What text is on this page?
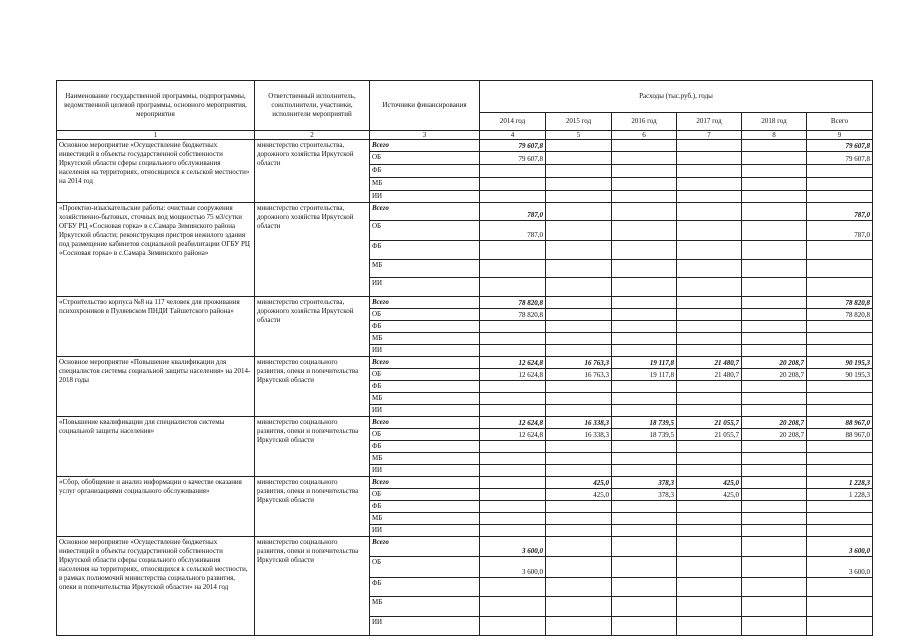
Наименование государственной программы, подпрограммы, ведомственной целевой программы, основного мероприятия, мероприятия	Ответственный исполнитель, соисполнители, участники, исполнители мероприятий	Источники финансирования	Расходы (тыс.руб.), годы					
			2014 год	2015 год	2016 год	2017 год	2018 год	Всего
1	2	3	4	5	6	7	8	9
Основное мероприятие «Осуществление бюджетных инвестиций в объекты государственной собственности Иркутской области сферы социального обслуживания населения на территориях, относящихся к сельской местности» на 2014 год	министерство строительства, дорожного хозяйства Иркутской области	Всего	79 607,8					79 607,8
		ОБ	79 607,8					79 607,8
		ФБ						
		МБ						
		ИИ						
«Проектно-изыскательские работы: очистные сооружения хозяйственно-бытовых, сточных вод мощностью 75 м3/сутки ОГБУ РЦ «Сосновая горка» в с.Самара Зиминского района Иркутской области; реконструкция пристроя нежилого здания под размещение кабинетов социальной реабилитации ОГБУ РЦ «Сосновая горка» в с.Самара Зиминского района»	министерство строительства, дорожного хозяйства Иркутской области	Всего	787,0					787,0
		ОБ	787,0					787,0
		ФБ						
		МБ						
		ИИ						
«Строительство корпуса №8 на 117 человек для проживания психохроников в Пуляевском ПНДИ Тайшетского района»	министерство строительства, дорожного хозяйства Иркутской области	Всего	78 820,8					78 820,8
		ОБ	78 820,8					78 820,8
		ФБ						
		МБ						
		ИИ						
Основное мероприятие «Повышение квалификации для специалистов системы социальной защиты населения» на 2014-2018 годы	министерство социального развития, опеки и попечительства Иркутской области	Всего	12 624,8	16 763,3	19 117,8	21 480,7	20 208,7	90 195,3
		ОБ	12 624,8	16 763,3	19 117,8	21 480,7	20 208,7	90 195,3
		ФБ						
		МБ						
		ИИ						
«Повышение квалификации для специалистов системы социальной защиты населения»	министерство социального развития, опеки и попечительства Иркутской области	Всего	12 624,8	16 338,3	18 739,5	21 055,7	20 208,7	88 967,0
		ОБ	12 624,8	16 338,3	18 739,5	21 055,7	20 208,7	88 967,0
		ФБ						
		МБ						
		ИИ						
«Сбор, обобщение и анализ информации о качестве оказания услуг организациями социального обслуживания»	министерство социального развития, опеки и попечительства Иркутской области	Всего		425,0	378,3	425,0		1 228,3
		ОБ		425,0	378,3	425,0		1 228,3
		ФБ						
		МБ						
		ИИ						
Основное мероприятие «Осуществление бюджетных инвестиций в объекты государственной собственности Иркутской области сферы социального обслуживания населения на территориях, относящихся к сельской местности, в рамках полномочий министерства социального развития, опеки и попечительства Иркутской области» на 2014 год	министерство социального развития, опеки и попечительства Иркутской области	Всего	3 600,0					3 600,0
		ОБ	3 600,0					3 600,0
		ФБ						
		МБ						
		ИИ						
